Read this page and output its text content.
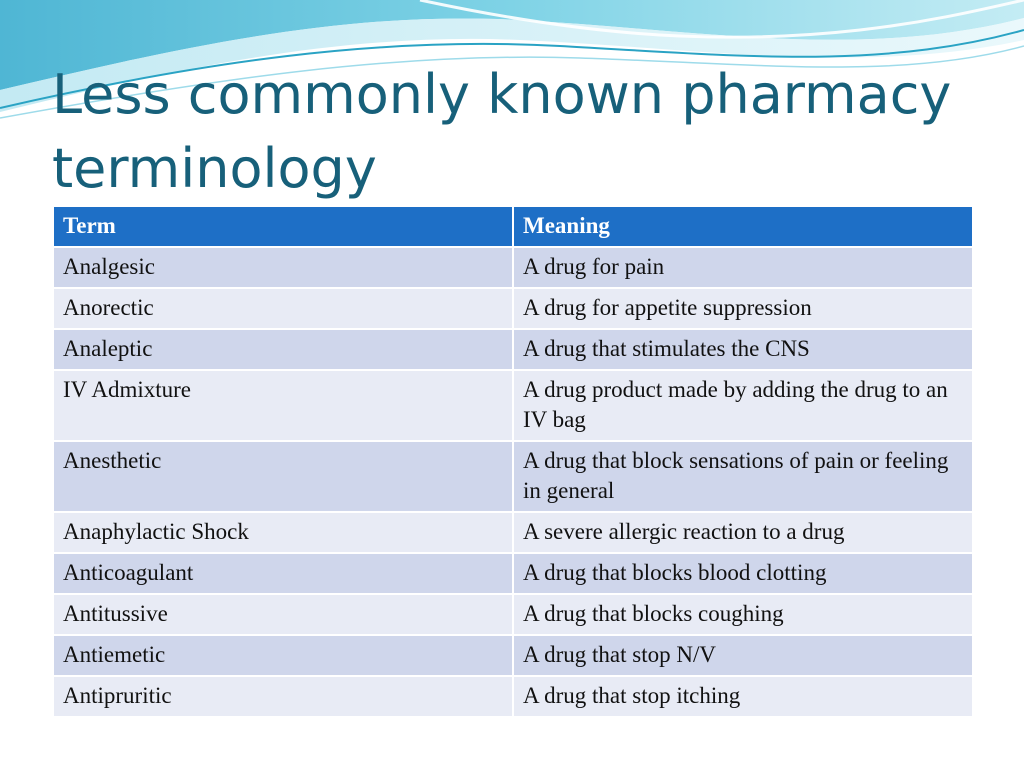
Less commonly known pharmacy terminology
Term	Meaning
Analgesic	A drug for pain
Anorectic	A drug for appetite suppression
Analeptic	A drug that stimulates the CNS
IV Admixture	A drug product made by adding the drug to an IV bag
Anesthetic	A drug that block sensations of pain or feeling in general
Anaphylactic Shock	A severe allergic reaction to a drug
Anticoagulant	A drug that blocks blood clotting
Antitussive	A drug that blocks coughing
Antiemetic	A drug that stop N/V
Antipruritic	A drug that stop itching
